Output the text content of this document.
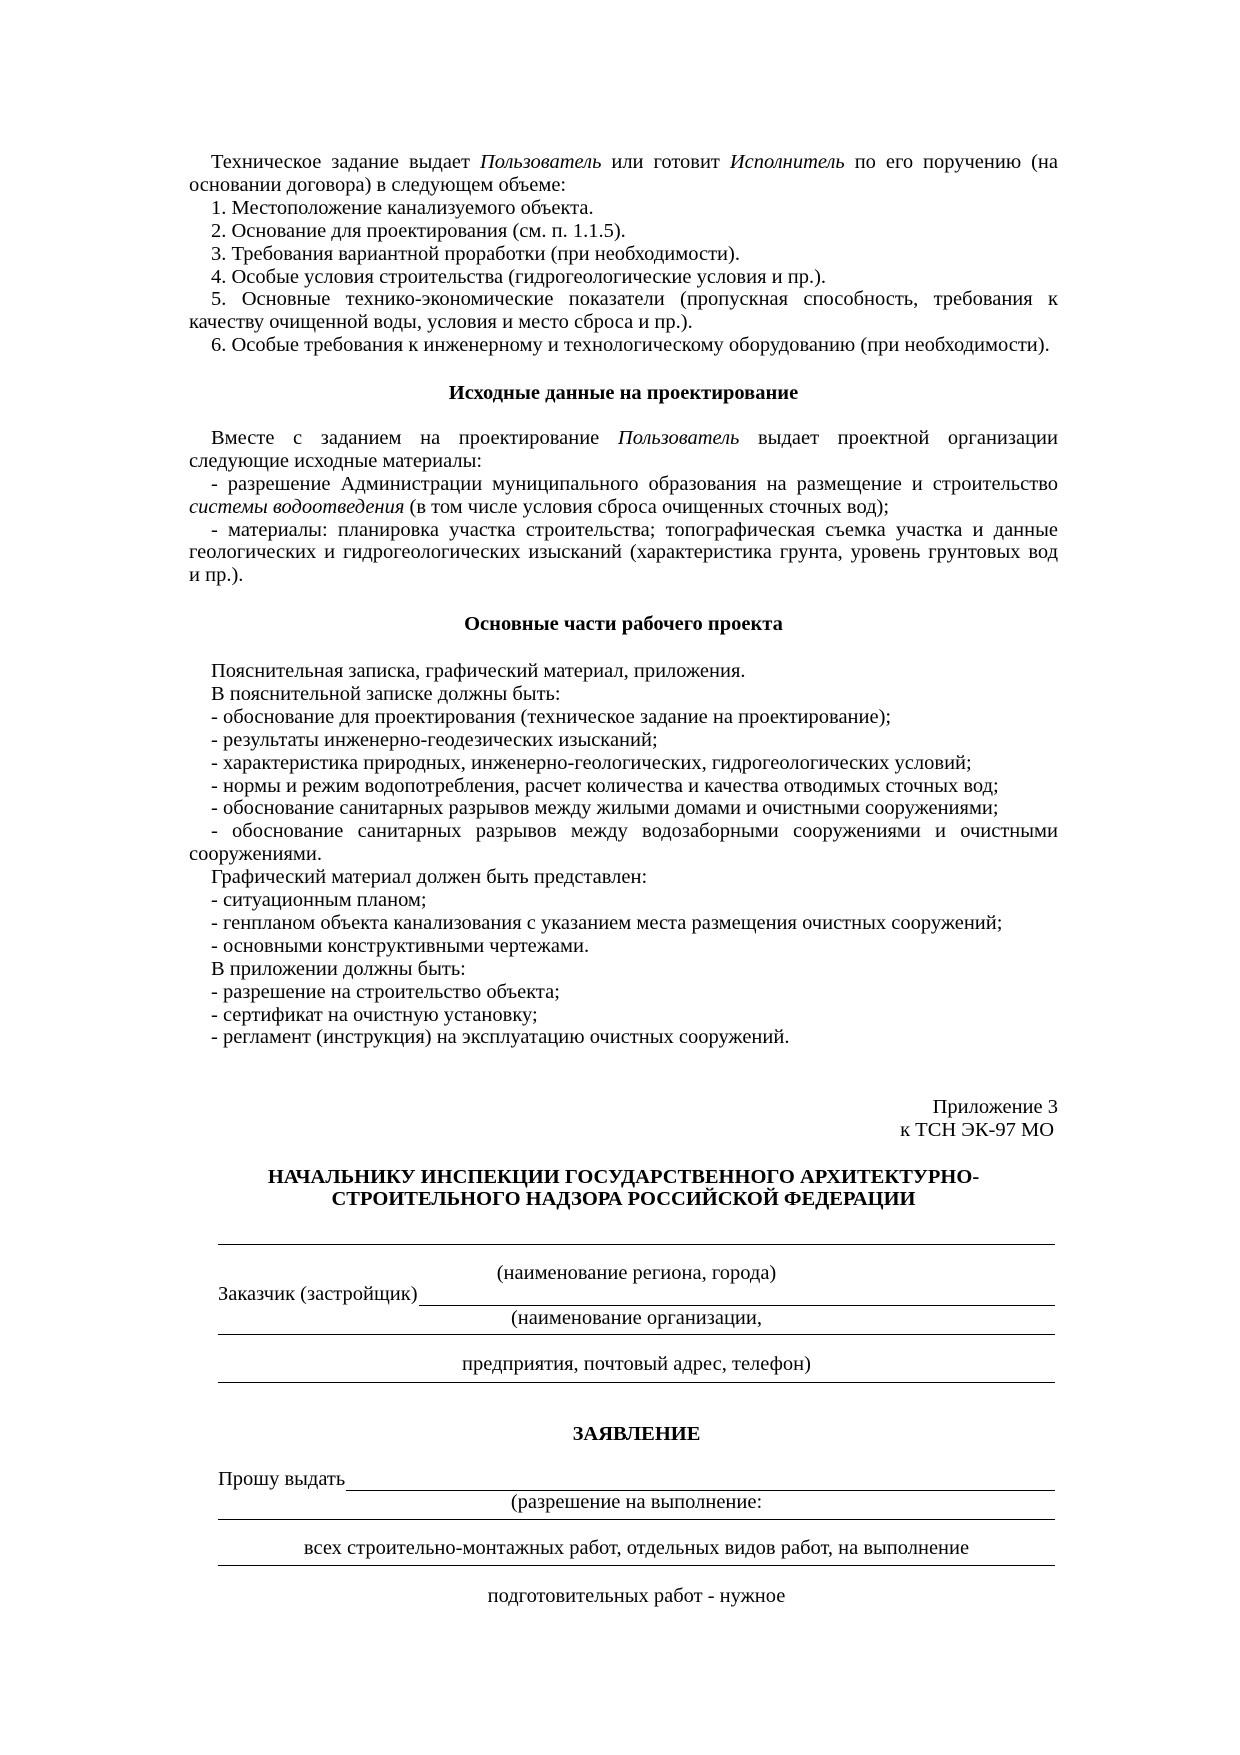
Техническое задание выдает Пользователь или готовит Исполнитель по его поручению (на
основании договора) в следующем объеме:
1. Местоположение канализуемого объекта.
2. Основание для проектирования (см. п. 1.1.5).
3. Требования вариантной проработки (при необходимости).
4. Особые условия строительства (гидрогеологические условия и пр.).
5. Основные технико-экономические показатели (пропускная способность, требования к
качеству очищенной воды, условия и место сброса и пр.).
6. Особые требования к инженерному и технологическому оборудованию (при необходимости).
Исходные данные на проектирование
Вместе с заданием на проектирование Пользователь выдает проектной организации
следующие исходные материалы:
- разрешение Администрации муниципального образования на размещение и строительство
системы водоотведения (в том числе условия сброса очищенных сточных вод);
- материалы: планировка участка строительства; топографическая съемка участка и данные
геологических и гидрогеологических изысканий (характеристика грунта, уровень грунтовых вод
и пр.).
Основные части рабочего проекта
Пояснительная записка, графический материал, приложения.
В пояснительной записке должны быть:
- обоснование для проектирования (техническое задание на проектирование);
- результаты инженерно-геодезических изысканий;
- характеристика природных, инженерно-геологических, гидрогеологических условий;
- нормы и режим водопотребления, расчет количества и качества отводимых сточных вод;
- обоснование санитарных разрывов между жилыми домами и очистными сооружениями;
- обоснование санитарных разрывов между водозаборными сооружениями и очистными
сооружениями.
Графический материал должен быть представлен:
- ситуационным планом;
- генпланом объекта канализования с указанием места размещения очистных сооружений;
- основными конструктивными чертежами.
В приложении должны быть:
- разрешение на строительство объекта;
- сертификат на очистную установку;
- регламент (инструкция) на эксплуатацию очистных сооружений.
Приложение 3
к ТСН ЭК-97 МО
НАЧАЛЬНИКУ ИНСПЕКЦИИ ГОСУДАРСТВЕННОГО АРХИТЕКТУРНО-
СТРОИТЕЛЬНОГО НАДЗОРА РОССИЙСКОЙ ФЕДЕРАЦИИ
(наименование региона, города)
Заказчик (застройщик)
(наименование организации,
предприятия, почтовый адрес, телефон)
ЗАЯВЛЕНИЕ
Прошу выдать
(разрешение на выполнение:
всех строительно-монтажных работ, отдельных видов работ, на выполнение
подготовительных работ - нужное
